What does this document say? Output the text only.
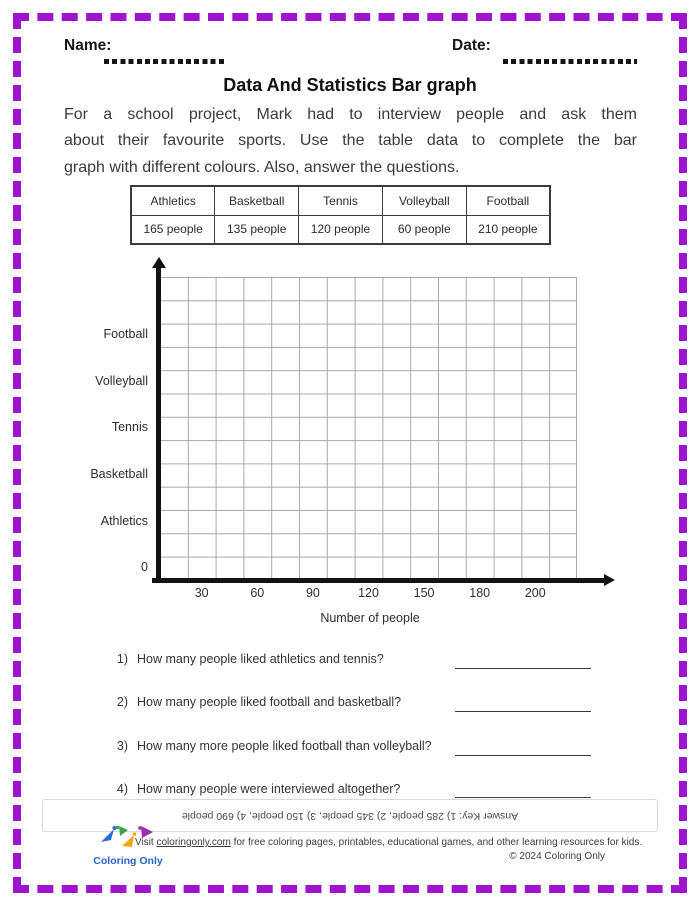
Name:	Date:
Data And Statistics Bar graph
For a school project, Mark had to interview people and ask them
about their favourite sports. Use the table data to complete the bar
graph with different colours. Also, answer the questions.
Athletics	Basketball	Tennis	Volleyball	Football
165 people	135 people	120 people	60 people	210 people
Football
Volleyball
Tennis
Basketball
Athletics
0
30	60	90	120	150	180	200
Number of people
1) How many people liked athletics and tennis?
2) How many people liked football and basketball?
3) How many more people liked football than volleyball?
4) How many people were interviewed altogether?
Answer Key: 1) 285 people, 2) 345 people, 3) 150 people, 4) 690 people
Coloring Only
Visit coloringonly.com for free coloring pages, printables, educational games, and other learning resources for kids.
© 2024 Coloring Only
